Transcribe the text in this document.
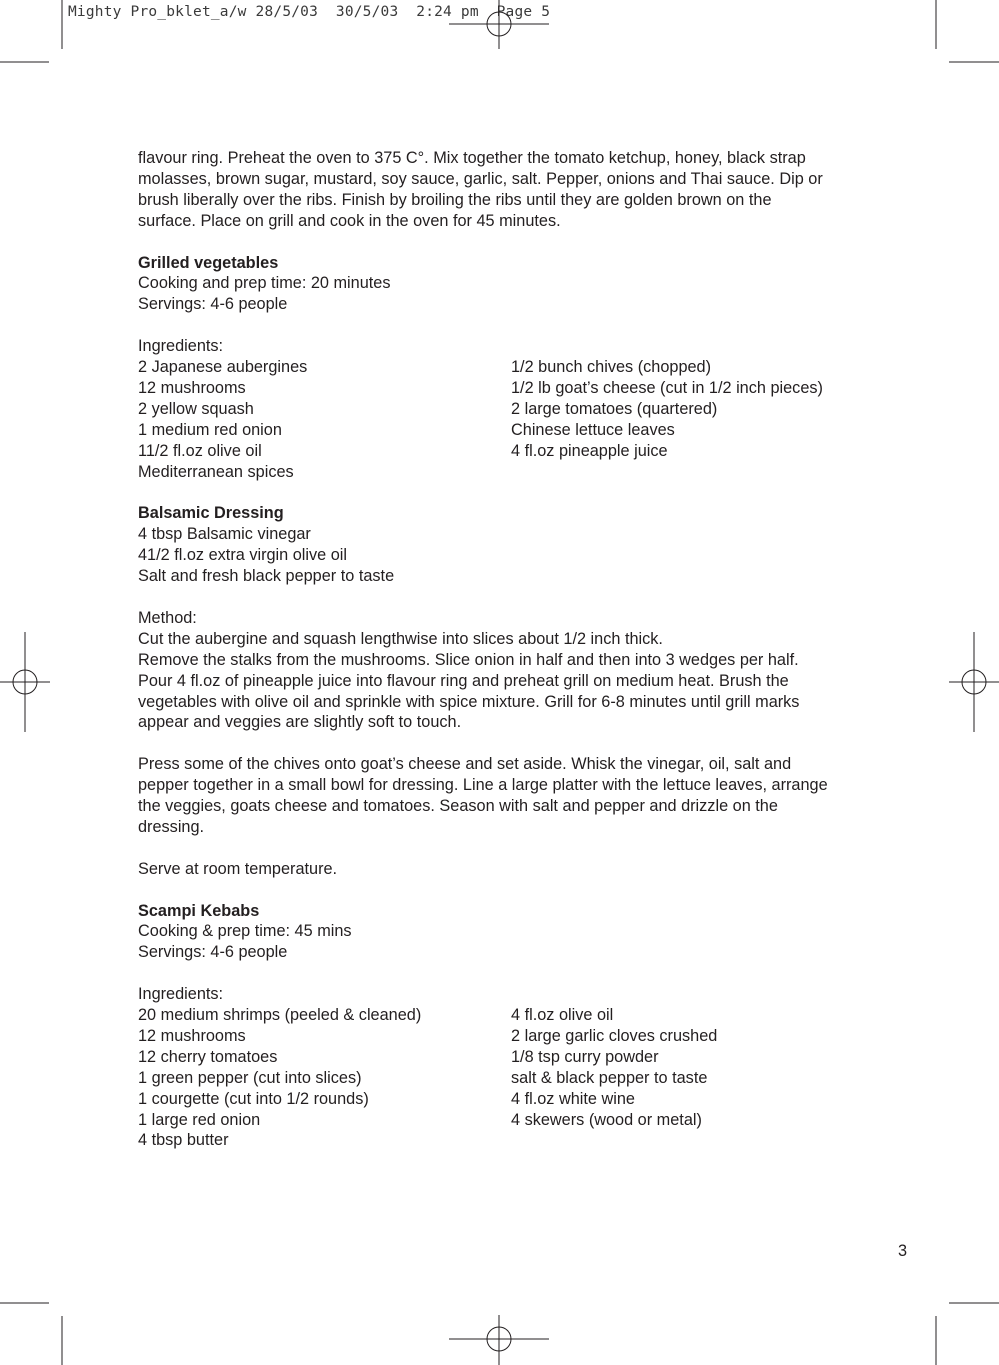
Mighty Pro_bklet_a/w 28/5/03  30/5/03  2:24 pm  Page 5

flavour ring. Preheat the oven to 375 C°. Mix together the tomato ketchup, honey, black strap

molasses, brown sugar, mustard, soy sauce, garlic, salt. Pepper, onions and Thai sauce. Dip or

brush liberally over the ribs. Finish by broiling the ribs until they are golden brown on the

surface. Place on grill and cook in the oven for 45 minutes.

Grilled vegetables

Cooking and prep time: 20 minutes

Servings: 4-6 people

Ingredients:

2 Japanese aubergines

12 mushrooms

2 yellow squash

1 medium red onion

11/2 fl.oz olive oil

Mediterranean spices

1/2 bunch chives (chopped)

1/2 lb goat’s cheese (cut in 1/2 inch pieces)

2 large tomatoes (quartered)

Chinese lettuce leaves

4 fl.oz pineapple juice

Balsamic Dressing

4 tbsp Balsamic vinegar

41/2 fl.oz extra virgin olive oil

Salt and fresh black pepper to taste

Method:

Cut the aubergine and squash lengthwise into slices about 1/2 inch thick.

Remove the stalks from the mushrooms. Slice onion in half and then into 3 wedges per half.

Pour 4 fl.oz of pineapple juice into flavour ring and preheat grill on medium heat. Brush the

vegetables with olive oil and sprinkle with spice mixture. Grill for 6-8 minutes until grill marks

appear and veggies are slightly soft to touch.

Press some of the chives onto goat’s cheese and set aside. Whisk the vinegar, oil, salt and

pepper together in a small bowl for dressing. Line a large platter with the lettuce leaves, arrange

the veggies, goats cheese and tomatoes. Season with salt and pepper and drizzle on the

dressing.

Serve at room temperature.

Scampi Kebabs

Cooking & prep time: 45 mins

Servings: 4-6 people

Ingredients:

20 medium shrimps (peeled & cleaned)

12 mushrooms

12 cherry tomatoes

1 green pepper (cut into slices)

1 courgette (cut into 1/2 rounds)

1 large red onion

4 tbsp butter

4 fl.oz olive oil

2 large garlic cloves crushed

1/8 tsp curry powder

salt & black pepper to taste

4 fl.oz white wine

4 skewers (wood or metal)

3
